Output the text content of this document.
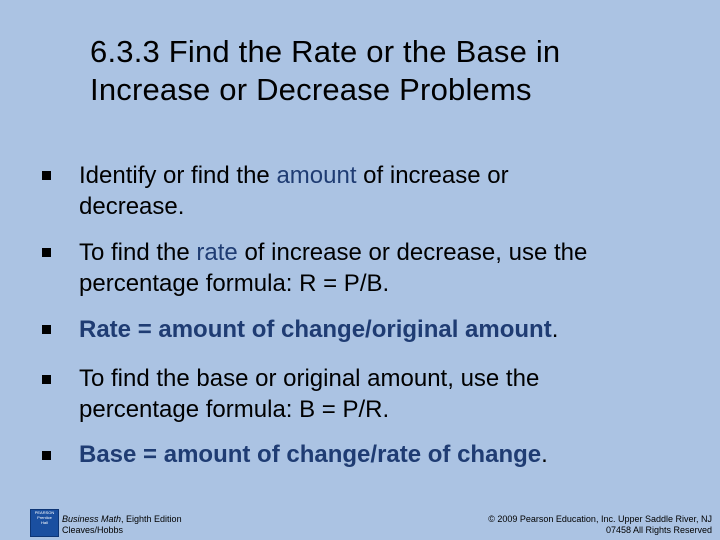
6.3.3 Find the Rate or the Base in
Increase or Decrease Problems
Identify or find the amount of increase or
decrease.
To find the rate of increase or decrease, use the
percentage formula: R = P/B.
Rate = amount of change/original amount.
To find the base or original amount, use the
percentage formula: B = P/R.
Base = amount of change/rate of change.
PEARSON
Prentice
Hall	Business Math, Eighth Edition
Cleaves/Hobbs
© 2009 Pearson Education, Inc. Upper Saddle River, NJ
07458 All Rights Reserved
